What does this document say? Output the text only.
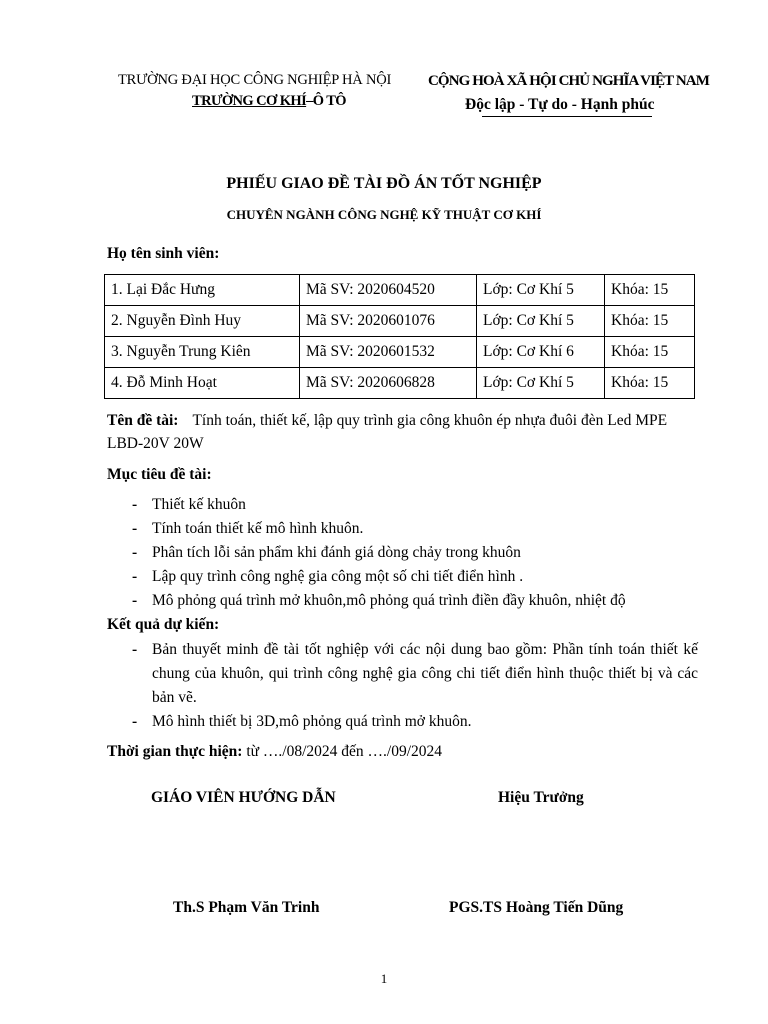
TRƯỜNG ĐẠI HỌC CÔNG NGHIỆP HÀ NỘI
TRƯỜNG CƠ KHÍ–Ô TÔ
CỘNG HOÀ XÃ HỘI CHỦ NGHĨA VIỆT NAM
Độc lập - Tự do - Hạnh phúc
PHIẾU GIAO ĐỀ TÀI ĐỒ ÁN TỐT NGHIỆP
CHUYÊN NGÀNH CÔNG NGHỆ KỸ THUẬT CƠ KHÍ
Họ tên sinh viên:
1. Lại Đắc Hưng	Mã SV: 2020604520	Lớp: Cơ Khí 5	Khóa: 15
2. Nguyễn Đình Huy	Mã SV: 2020601076	Lớp: Cơ Khí 5	Khóa: 15
3. Nguyễn Trung Kiên	Mã SV: 2020601532	Lớp: Cơ Khí 6	Khóa: 15
4. Đỗ Minh Hoạt	Mã SV: 2020606828	Lớp: Cơ Khí 5	Khóa: 15
Tên đề tài: Tính toán, thiết kế, lập quy trình gia công khuôn ép nhựa đuôi đèn Led MPE LBD-20V 20W
Mục tiêu đề tài:
- Thiết kế khuôn
- Tính toán thiết kế mô hình khuôn.
- Phân tích lỗi sản phẩm khi đánh giá dòng chảy trong khuôn
- Lập quy trình công nghệ gia công một số chi tiết điển hình .
- Mô phỏng quá trình mở khuôn,mô phỏng quá trình điền đầy khuôn, nhiệt độ
Kết quả dự kiến:
- Bản thuyết minh đề tài tốt nghiệp với các nội dung bao gồm: Phần tính toán thiết kế chung của khuôn, qui trình công nghệ gia công chi tiết điển hình thuộc thiết bị và các bản vẽ.
- Mô hình thiết bị 3D,mô phỏng quá trình mở khuôn.
Thời gian thực hiện: từ …./08/2024 đến …./09/2024
GIÁO VIÊN HƯỚNG DẪN	Hiệu Trưởng
Th.S Phạm Văn Trinh	PGS.TS Hoàng Tiến Dũng
1
